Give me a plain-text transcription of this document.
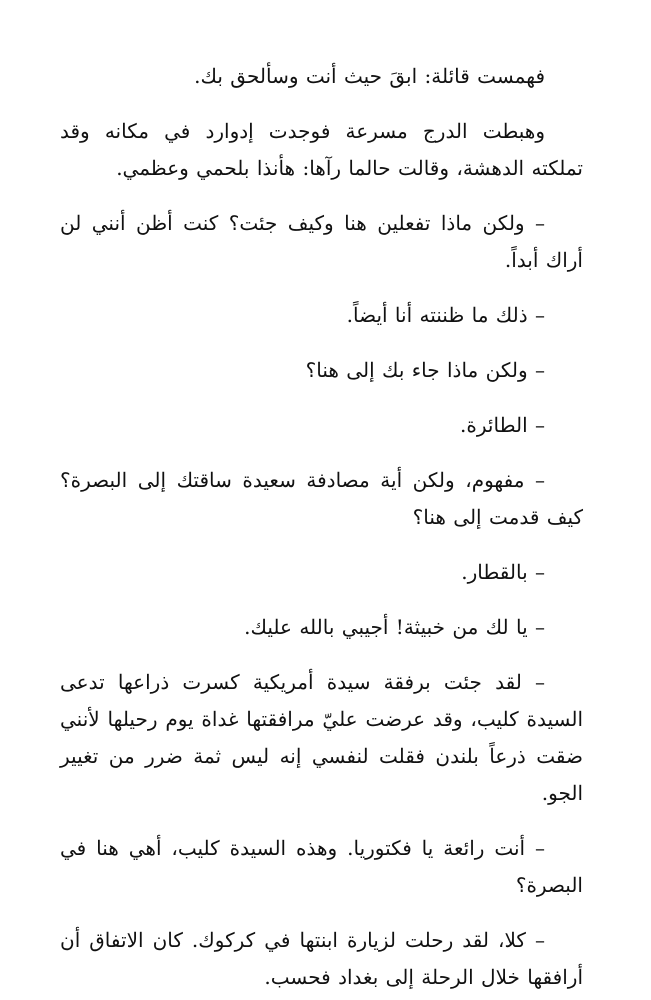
فهمست قائلة: ابقَ حيث أنت وسألحق بك.

وهبطت الدرج مسرعة فوجدت إدوارد في مكانه وقد تملكته الدهشة، وقالت حالما رآها: هأنذا بلحمي وعظمي.

– ولكن ماذا تفعلين هنا وكيف جئت؟ كنت أظن أنني لن أراك أبداً.

– ذلك ما ظننته أنا أيضاً.

– ولكن ماذا جاء بك إلى هنا؟

– الطائرة.

– مفهوم، ولكن أية مصادفة سعيدة ساقتك إلى البصرة؟ كيف قدمت إلى هنا؟

– بالقطار.

– يا لك من خبيثة! أجيبي بالله عليك.

– لقد جئت برفقة سيدة أمريكية كسرت ذراعها تدعى السيدة كليب، وقد عرضت عليّ مرافقتها غداة يوم رحيلها لأنني ضقت ذرعاً بلندن فقلت لنفسي إنه ليس ثمة ضرر من تغيير الجو.

– أنت رائعة يا فكتوريا. وهذه السيدة كليب، أهي هنا في البصرة؟

– كلا، لقد رحلت لزيارة ابنتها في كركوك. كان الاتفاق أن أرافقها خلال الرحلة إلى بغداد فحسب.
